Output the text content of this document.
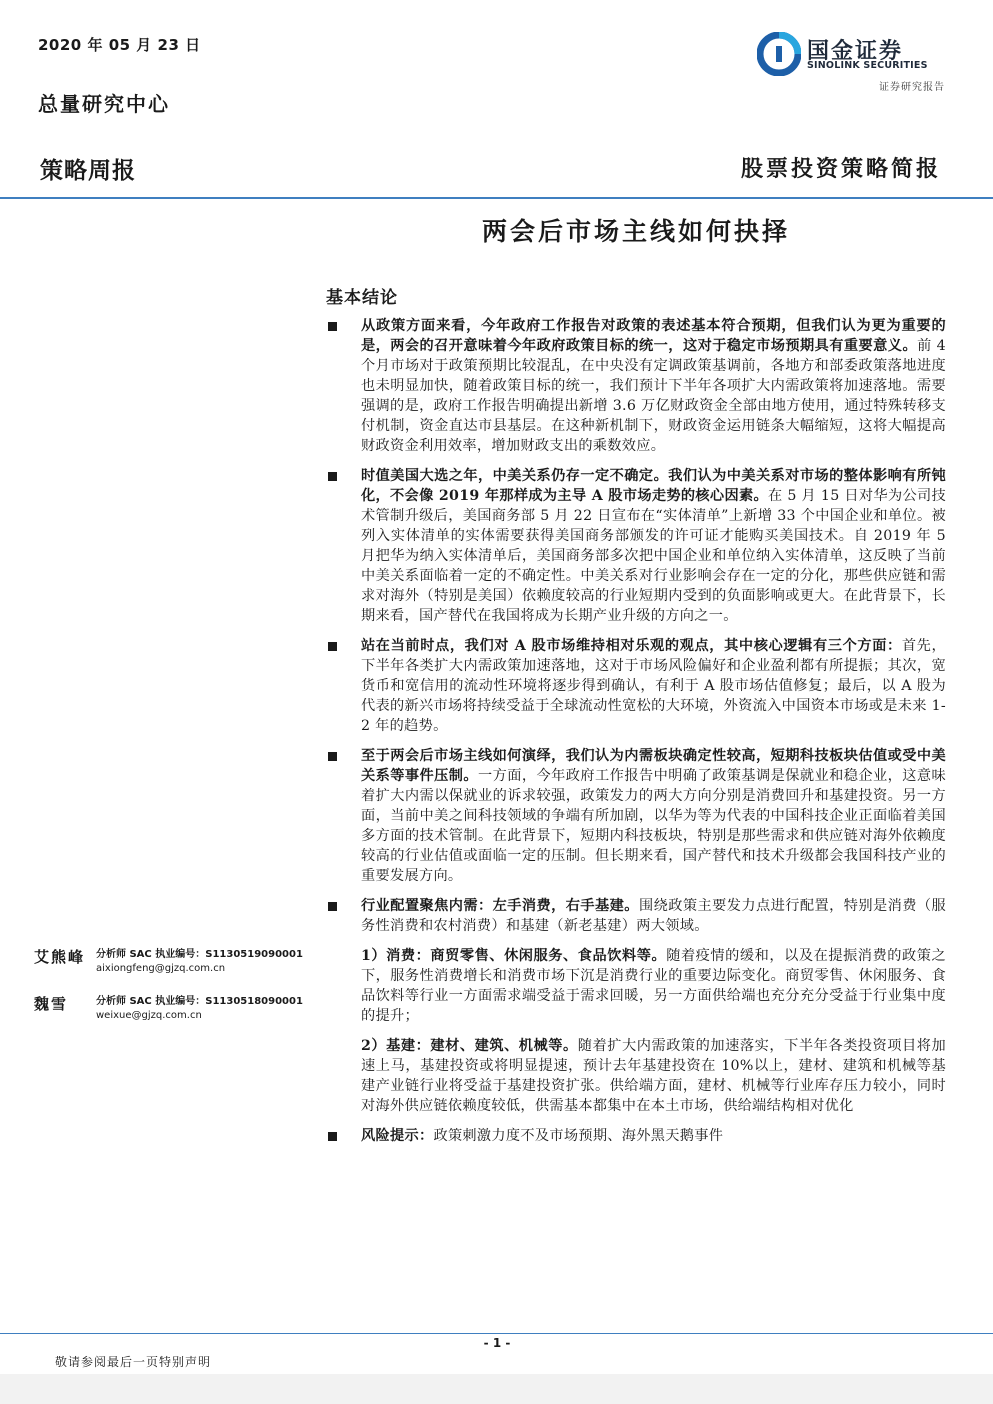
2020 年 05 月 23 日
总量研究中心
国金证券
SINOLINK SECURITIES
证券研究报告
策略周报	股票投资策略简报
两会后市场主线如何抉择
基本结论

从政策方面来看，今年政府工作报告对政策的表述基本符合预期，但我们认为更为重要的是，两会的召开意味着今年政府政策目标的统一，这对于稳定市场预期具有重要意义。前 4 个月市场对于政策预期比较混乱，在中央没有定调政策基调前，各地方和部委政策落地进度也未明显加快，随着政策目标的统一，我们预计下半年各项扩大内需政策将加速落地。需要强调的是，政府工作报告明确提出新增 3.6 万亿财政资金全部由地方使用，通过特殊转移支付机制，资金直达市县基层。在这种新机制下，财政资金运用链条大幅缩短，这将大幅提高财政资金利用效率，增加财政支出的乘数效应。

时值美国大选之年，中美关系仍存一定不确定。我们认为中美关系对市场的整体影响有所钝化，不会像 2019 年那样成为主导 A 股市场走势的核心因素。在 5 月 15 日对华为公司技术管制升级后，美国商务部 5 月 22 日宣布在“实体清单”上新增 33 个中国企业和单位。被列入实体清单的实体需要获得美国商务部颁发的许可证才能购买美国技术。自 2019 年 5 月把华为纳入实体清单后，美国商务部多次把中国企业和单位纳入实体清单，这反映了当前中美关系面临着一定的不确定性。中美关系对行业影响会存在一定的分化，那些供应链和需求对海外（特别是美国）依赖度较高的行业短期内受到的负面影响或更大。在此背景下，长期来看，国产替代在我国将成为长期产业升级的方向之一。

站在当前时点，我们对 A 股市场维持相对乐观的观点，其中核心逻辑有三个方面：首先，下半年各类扩大内需政策加速落地，这对于市场风险偏好和企业盈利都有所提振；其次，宽货币和宽信用的流动性环境将逐步得到确认，有利于 A 股市场估值修复；最后，以 A 股为代表的新兴市场将持续受益于全球流动性宽松的大环境，外资流入中国资本市场或是未来 1-2 年的趋势。

至于两会后市场主线如何演绎，我们认为内需板块确定性较高，短期科技板块估值或受中美关系等事件压制。一方面，今年政府工作报告中明确了政策基调是保就业和稳企业，这意味着扩大内需以保就业的诉求较强，政策发力的两大方向分别是消费回升和基建投资。另一方面，当前中美之间科技领域的争端有所加剧，以华为等为代表的中国科技企业正面临着美国多方面的技术管制。在此背景下，短期内科技板块，特别是那些需求和供应链对海外依赖度较高的行业估值或面临一定的压制。但长期来看，国产替代和技术升级都会我国科技产业的重要发展方向。

行业配置聚焦内需：左手消费，右手基建。围绕政策主要发力点进行配置，特别是消费（服务性消费和农村消费）和基建（新老基建）两大领域。

1）消费：商贸零售、休闲服务、食品饮料等。随着疫情的缓和，以及在提振消费的政策之下，服务性消费增长和消费市场下沉是消费行业的重要边际变化。商贸零售、休闲服务、食品饮料等行业一方面需求端受益于需求回暖，另一方面供给端也充分充分受益于行业集中度的提升；

2）基建：建材、建筑、机械等。随着扩大内需政策的加速落实，下半年各类投资项目将加速上马，基建投资或将明显提速，预计去年基建投资在 10%以上，建材、建筑和机械等基建产业链行业将受益于基建投资扩张。供给端方面，建材、机械等行业库存压力较小，同时对海外供应链依赖度较低，供需基本都集中在本土市场，供给端结构相对优化

风险提示：政策刺激力度不及市场预期、海外黑天鹅事件

艾熊峰 分析师 SAC 执业编号：S1130519090001
aixiongfeng@gjzq.com.cn
魏雪	分析师 SAC 执业编号：S1130518090001
weixue@gjzq.com.cn
- 1 -
敬请参阅最后一页特别声明
